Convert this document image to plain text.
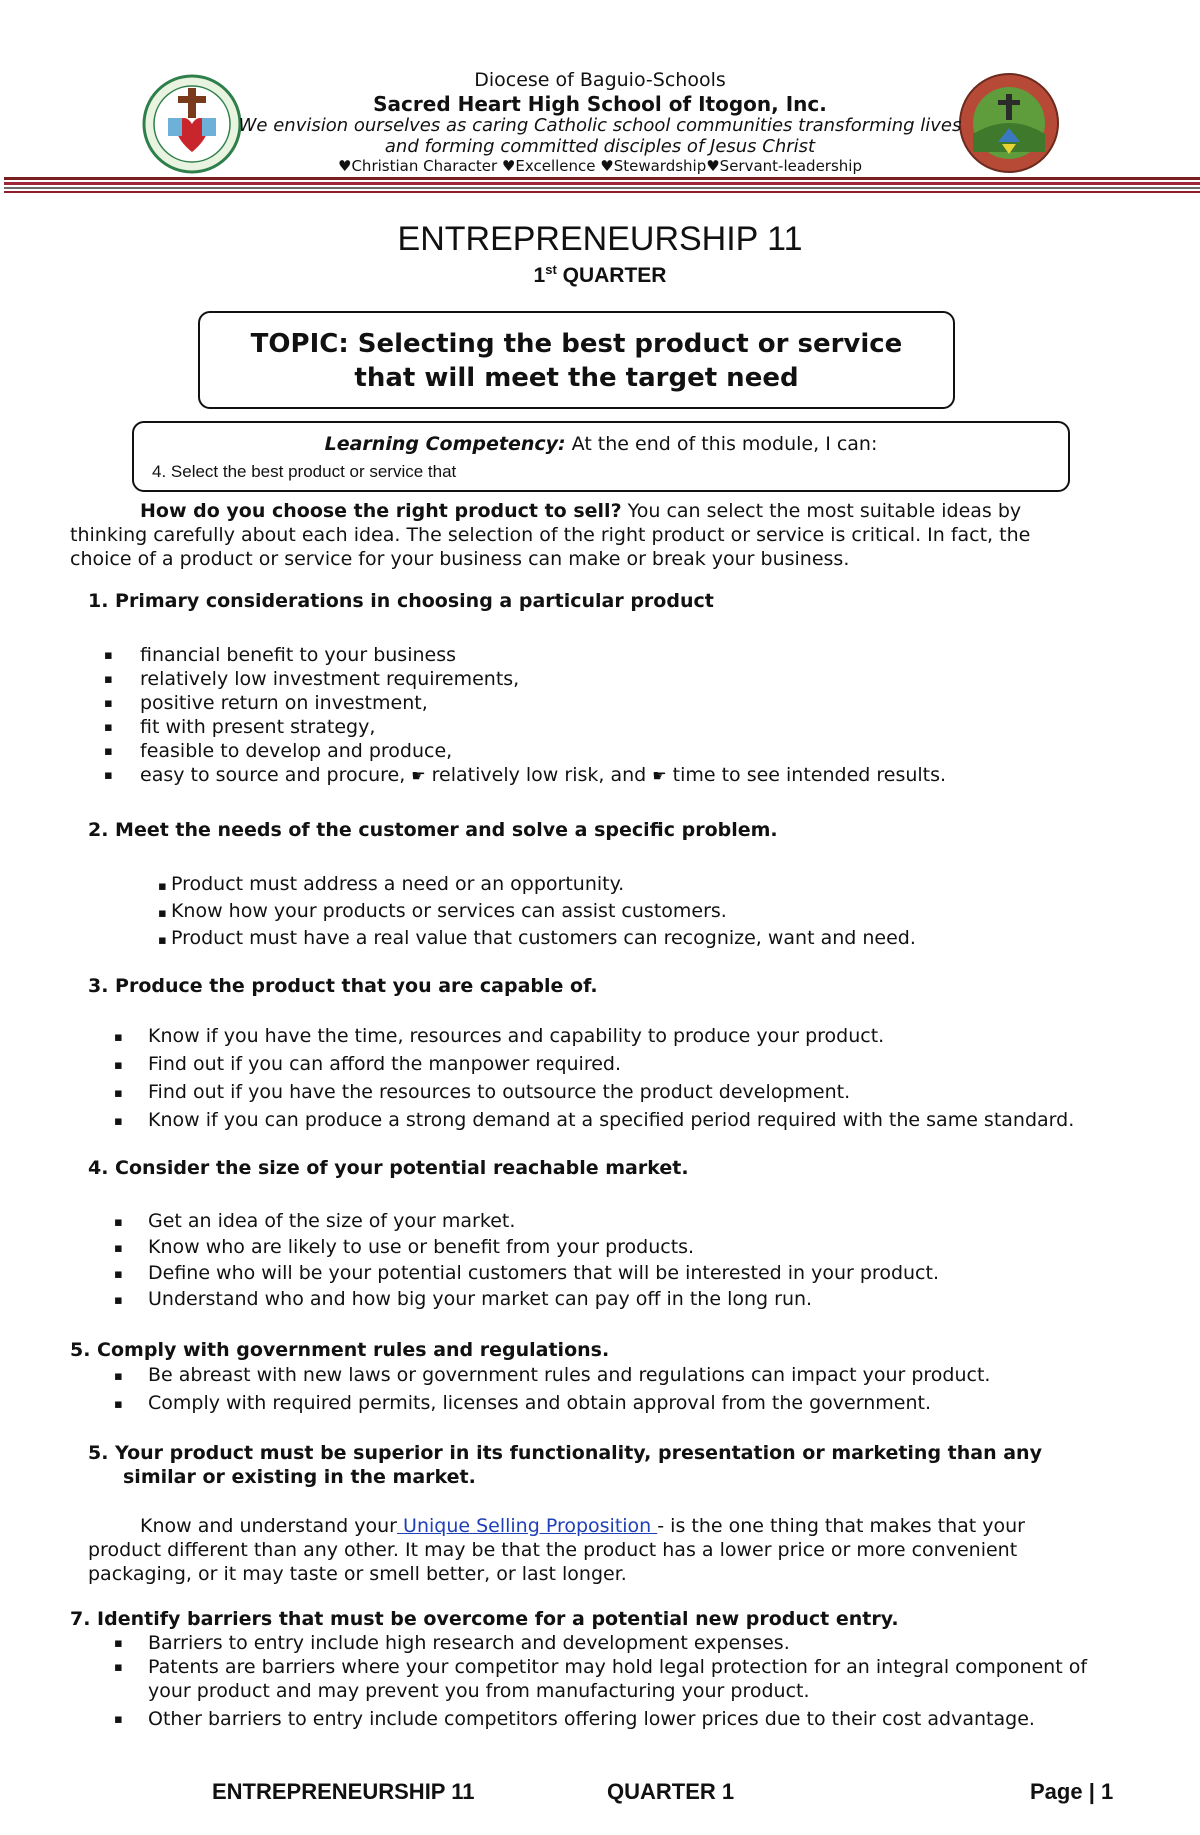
Diocese of Baguio-Schools
Sacred Heart High School of Itogon, Inc.
We envision ourselves as caring Catholic school communities transforming lives
and forming committed disciples of Jesus Christ
♥Christian Character ♥Excellence ♥Stewardship♥Servant-leadership
ENTREPRENEURSHIP 11
1st QUARTER
TOPIC: Selecting the best product or service
that will meet the target need
Learning Competency: At the end of this module, I can:
4. Select the best product or service that
How do you choose the right product to sell? You can select the most suitable ideas by
thinking carefully about each idea. The selection of the right product or service is critical. In fact, the
choice of a product or service for your business can make or break your business.
1. Primary considerations in choosing a particular product
▪ financial benefit to your business
▪ relatively low investment requirements,
▪ positive return on investment,
▪ fit with present strategy,
▪ feasible to develop and produce,
▪ easy to source and procure, ☛ relatively low risk, and ☛ time to see intended results.
2. Meet the needs of the customer and solve a specific problem.
▪ Product must address a need or an opportunity.
▪ Know how your products or services can assist customers.
▪ Product must have a real value that customers can recognize, want and need.
3. Produce the product that you are capable of.
▪ Know if you have the time, resources and capability to produce your product.
▪ Find out if you can afford the manpower required.
▪ Find out if you have the resources to outsource the product development.
▪ Know if you can produce a strong demand at a specified period required with the same standard.
4. Consider the size of your potential reachable market.
▪ Get an idea of the size of your market.
▪ Know who are likely to use or benefit from your products.
▪ Define who will be your potential customers that will be interested in your product.
▪ Understand who and how big your market can pay off in the long run.
5. Comply with government rules and regulations.
▪ Be abreast with new laws or government rules and regulations can impact your product.
▪ Comply with required permits, licenses and obtain approval from the government.
5. Your product must be superior in its functionality, presentation or marketing than any
similar or existing in the market.
Know and understand your Unique Selling Proposition - is the one thing that makes that your
product different than any other. It may be that the product has a lower price or more convenient
packaging, or it may taste or smell better, or last longer.
7. Identify barriers that must be overcome for a potential new product entry.
▪ Barriers to entry include high research and development expenses.
▪ Patents are barriers where your competitor may hold legal protection for an integral component of
your product and may prevent you from manufacturing your product.
▪ Other barriers to entry include competitors offering lower prices due to their cost advantage.
ENTREPRENEURSHIP 11	QUARTER 1	Page | 1
